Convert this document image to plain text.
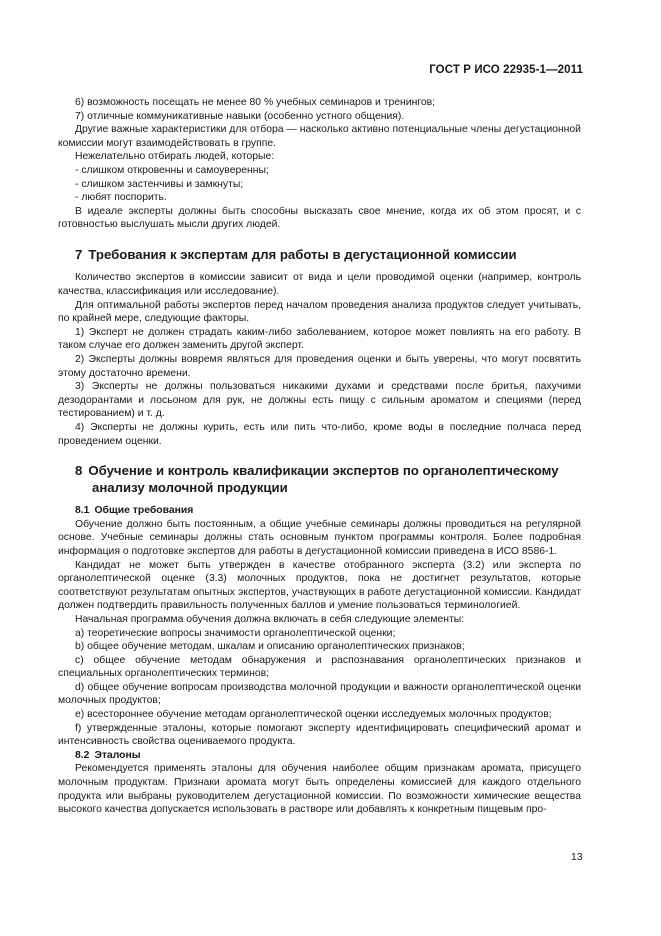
ГОСТ Р ИСО 22935-1—2011

6) возможность посещать не менее 80 % учебных семинаров и тренингов;

7) отличные коммуникативные навыки (особенно устного общения).

Другие важные характеристики для отбора — насколько активно потенциальные члены дегустационной комиссии могут взаимодействовать в группе.

Нежелательно отбирать людей, которые:

- слишком откровенны и самоуверенны;

- слишком застенчивы и замкнуты;

- любят поспорить.

В идеале эксперты должны быть способны высказать свое мнение, когда их об этом просят, и с готовностью выслушать мысли других людей.

7 Требования к экспертам для работы в дегустационной комиссии

Количество экспертов в комиссии зависит от вида и цели проводимой оценки (например, контроль качества, классификация или исследование).

Для оптимальной работы экспертов перед началом проведения анализа продуктов следует учитывать, по крайней мере, следующие факторы.

1) Эксперт не должен страдать каким-либо заболеванием, которое может повлиять на его работу. В таком случае его должен заменить другой эксперт.

2) Эксперты должны вовремя являться для проведения оценки и быть уверены, что могут посвятить этому достаточно времени.

3) Эксперты не должны пользоваться никакими духами и средствами после бритья, пахучими дезодорантами и лосьоном для рук, не должны есть пищу с сильным ароматом и специями (перед тестированием) и т. д.

4) Эксперты не должны курить, есть или пить что-либо, кроме воды в последние полчаса перед проведением оценки.

8 Обучение и контроль квалификации экспертов по органолептическому
анализу молочной продукции
8.1 Общие требования

Обучение должно быть постоянным, а общие учебные семинары должны проводиться на регулярной основе. Учебные семинары должны стать основным пунктом программы контроля. Более подробная информация о подготовке экспертов для работы в дегустационной комиссии приведена в ИСО 8586-1.

Кандидат не может быть утвержден в качестве отобранного эксперта (3.2) или эксперта по органолептической оценке (3.3) молочных продуктов, пока не достигнет результатов, которые соответствуют результатам опытных экспертов, участвующих в работе дегустационной комиссии. Кандидат должен подтвердить правильность полученных баллов и умение пользоваться терминологией.

Начальная программа обучения должна включать в себя следующие элементы:

a) теоретические вопросы значимости органолептической оценки;

b) общее обучение методам, шкалам и описанию органолептических признаков;

c) общее обучение методам обнаружения и распознавания органолептических признаков и специальных органолептических терминов;

d) общее обучение вопросам производства молочной продукции и важности органолептической оценки молочных продуктов;

e) всестороннее обучение методам органолептической оценки исследуемых молочных продуктов;

f) утвержденные эталоны, которые помогают эксперту идентифицировать специфический аромат и интенсивность свойства оцениваемого продукта.

8.2 Эталоны

Рекомендуется применять эталоны для обучения наиболее общим признакам аромата, присущего молочным продуктам. Признаки аромата могут быть определены комиссией для каждого отдельного продукта или выбраны руководителем дегустационной комиссии. По возможности химические вещества высокого качества допускается использовать в растворе или добавлять к конкретным пищевым про-

13
